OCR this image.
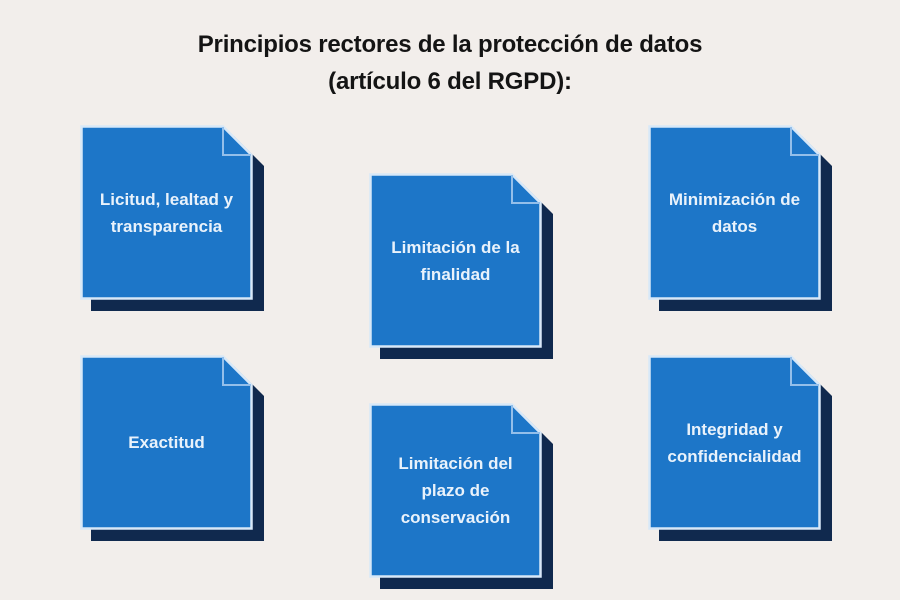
Principios rectores de la protección de datos
(artículo 6 del RGPD):
Licitud, lealtad y transparencia
Limitación de la finalidad
Minimización de datos
Exactitud
Limitación del plazo de conservación
Integridad y confidencialidad
